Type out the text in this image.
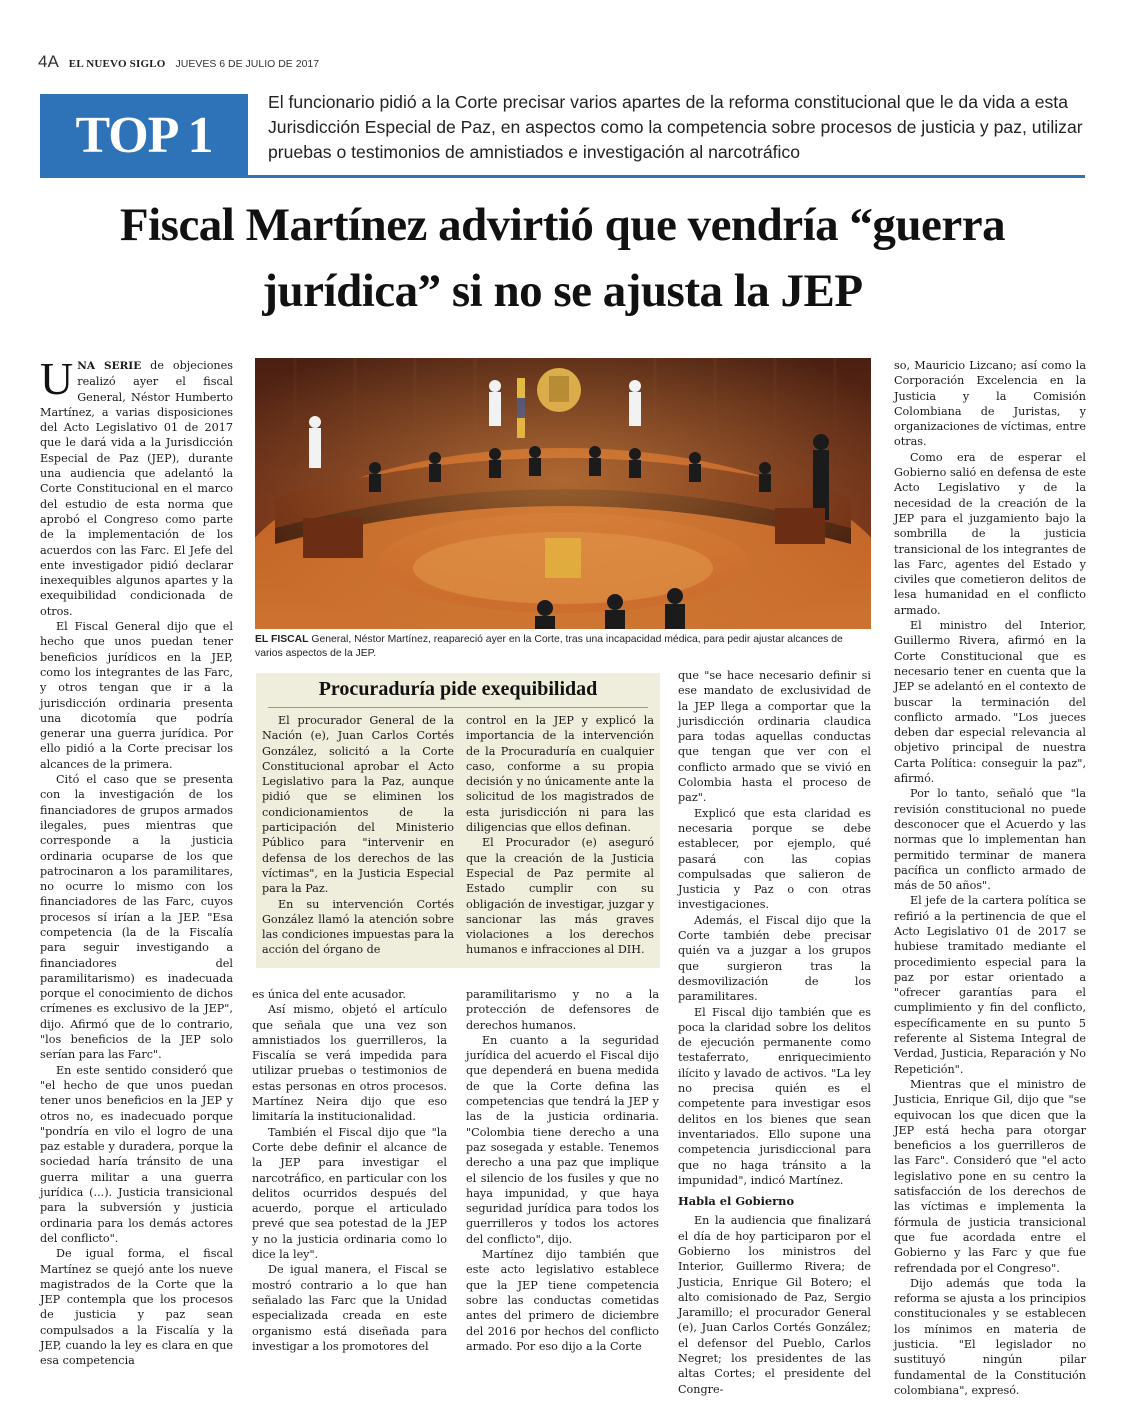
4A EL NUEVO SIGLO JUEVES 6 DE JULIO DE 2017
TOP 1
El funcionario pidió a la Corte precisar varios apartes de la reforma constitucional que le da vida a esta Jurisdicción Especial de Paz, en aspectos como la competencia sobre procesos de justicia y paz, utilizar pruebas o testimonios de amnistiados e investigación al narcotráfico
Fiscal Martínez advirtió que vendría “guerra jurídica” si no se ajusta la JEP

UNA SERIE de objeciones realizó ayer el fiscal General, Néstor Humberto Martínez, a varias disposiciones del Acto Legislativo 01 de 2017 que le dará vida a la Jurisdicción Especial de Paz (JEP), durante una audiencia que adelantó la Corte Constitucional en el marco del estudio de esta norma que aprobó el Congreso como parte de la implementación de los acuerdos con las Farc. El Jefe del ente investigador pidió declarar inexequibles algunos apartes y la exequibilidad condicionada de otros.

El Fiscal General dijo que el hecho que unos puedan tener beneficios jurídicos en la JEP, como los integrantes de las Farc, y otros tengan que ir a la jurisdicción ordinaria presenta una dicotomía que podría generar una guerra jurídica. Por ello pidió a la Corte precisar los alcances de la primera.

Citó el caso que se presenta con la investigación de los financiadores de grupos armados ilegales, pues mientras que corresponde a la justicia ordinaria ocuparse de los que patrocinaron a los paramilitares, no ocurre lo mismo con los financiadores de las Farc, cuyos procesos sí irían a la JEP. "Esa competencia (la de la Fiscalía para seguir investigando a financiadores del paramilitarismo) es inadecuada porque el conocimiento de dichos crímenes es exclusivo de la JEP", dijo. Afirmó que de lo contrario, "los beneficios de la JEP solo serían para las Farc".

En este sentido consideró que "el hecho de que unos puedan tener unos beneficios en la JEP y otros no, es inadecuado porque "pondría en vilo el logro de una paz estable y duradera, porque la sociedad haría tránsito de una guerra militar a una guerra jurídica (...). Justicia transicional para la subversión y justicia ordinaria para los demás actores del conflicto".

De igual forma, el fiscal Martínez se quejó ante los nueve magistrados de la Corte que la JEP contempla que los procesos de justicia y paz sean compulsados a la Fiscalía y la JEP, cuando la ley es clara en que esa competencia

EL FISCAL General, Néstor Martínez, reapareció ayer en la Corte, tras una incapacidad médica, para pedir ajustar alcances de varios aspectos de la JEP.
Procuraduría pide exequibilidad

El procurador General de la Nación (e), Juan Carlos Cortés González, solicitó a la Corte Constitucional aprobar el Acto Legislativo para la Paz, aunque pidió que se eliminen los condicionamientos de la participación del Ministerio Público para "intervenir en defensa de los derechos de las víctimas", en la Justicia Especial para la Paz.

En su intervención Cortés González llamó la atención sobre las condiciones impuestas para la acción del órgano de

control en la JEP y explicó la importancia de la intervención de la Procuraduría en cualquier caso, conforme a su propia decisión y no únicamente ante la solicitud de los magistrados de esta jurisdicción ni para las diligencias que ellos definan.

El Procurador (e) aseguró que la creación de la Justicia Especial de Paz permite al Estado cumplir con su obligación de investigar, juzgar y sancionar las más graves violaciones a los derechos humanos e infracciones al DIH.

es única del ente acusador.

Así mismo, objetó el artículo que señala que una vez son amnistiados los guerrilleros, la Fiscalía se verá impedida para utilizar pruebas o testimonios de estas personas en otros procesos. Martínez Neira dijo que eso limitaría la institucionalidad.

También el Fiscal dijo que "la Corte debe definir el alcance de la JEP para investigar el narcotráfico, en particular con los delitos ocurridos después del acuerdo, porque el articulado prevé que sea potestad de la JEP y no la justicia ordinaria como lo dice la ley".

De igual manera, el Fiscal se mostró contrario a lo que han señalado las Farc que la Unidad especializada creada en este organismo está diseñada para investigar a los promotores del

paramilitarismo y no a la protección de defensores de derechos humanos.

En cuanto a la seguridad jurídica del acuerdo el Fiscal dijo que dependerá en buena medida de que la Corte defina las competencias que tendrá la JEP y las de la justicia ordinaria. "Colombia tiene derecho a una paz sosegada y estable. Tenemos derecho a una paz que implique el silencio de los fusiles y que no haya impunidad, y que haya seguridad jurídica para todos los guerrilleros y todos los actores del conflicto", dijo.

Martínez dijo también que este acto legislativo establece que la JEP tiene competencia sobre las conductas cometidas antes del primero de diciembre del 2016 por hechos del conflicto armado. Por eso dijo a la Corte

que "se hace necesario definir si ese mandato de exclusividad de la JEP llega a comportar que la jurisdicción ordinaria claudica para todas aquellas conductas que tengan que ver con el conflicto armado que se vivió en Colombia hasta el proceso de paz".

Explicó que esta claridad es necesaria porque se debe establecer, por ejemplo, qué pasará con las copias compulsadas que salieron de Justicia y Paz o con otras investigaciones.

Además, el Fiscal dijo que la Corte también debe precisar quién va a juzgar a los grupos que surgieron tras la desmovilización de los paramilitares.

El Fiscal dijo también que es poca la claridad sobre los delitos de ejecución permanente como testaferrato, enriquecimiento ilícito y lavado de activos. "La ley no precisa quién es el competente para investigar esos delitos en los bienes que sean inventariados. Ello supone una competencia jurisdiccional para que no haga tránsito a la impunidad", indicó Martínez.

Habla el Gobierno

En la audiencia que finalizará el día de hoy participaron por el Gobierno los ministros del Interior, Guillermo Rivera; de Justicia, Enrique Gil Botero; el alto comisionado de Paz, Sergio Jaramillo; el procurador General (e), Juan Carlos Cortés González; el defensor del Pueblo, Carlos Negret; los presidentes de las altas Cortes; el presidente del Congre-

so, Mauricio Lizcano; así como la Corporación Excelencia en la Justicia y la Comisión Colombiana de Juristas, y organizaciones de víctimas, entre otras.

Como era de esperar el Gobierno salió en defensa de este Acto Legislativo y de la necesidad de la creación de la JEP para el juzgamiento bajo la sombrilla de la justicia transicional de los integrantes de las Farc, agentes del Estado y civiles que cometieron delitos de lesa humanidad en el conflicto armado.

El ministro del Interior, Guillermo Rivera, afirmó en la Corte Constitucional que es necesario tener en cuenta que la JEP se adelantó en el contexto de buscar la terminación del conflicto armado. "Los jueces deben dar especial relevancia al objetivo principal de nuestra Carta Política: conseguir la paz", afirmó.

Por lo tanto, señaló que "la revisión constitucional no puede desconocer que el Acuerdo y las normas que lo implementan han permitido terminar de manera pacífica un conflicto armado de más de 50 años".

El jefe de la cartera política se refirió a la pertinencia de que el Acto Legislativo 01 de 2017 se hubiese tramitado mediante el procedimiento especial para la paz por estar orientado a "ofrecer garantías para el cumplimiento y fin del conflicto, específicamente en su punto 5 referente al Sistema Integral de Verdad, Justicia, Reparación y No Repetición".

Mientras que el ministro de Justicia, Enrique Gil, dijo que "se equivocan los que dicen que la JEP está hecha para otorgar beneficios a los guerrilleros de las Farc". Consideró que "el acto legislativo pone en su centro la satisfacción de los derechos de las víctimas e implementa la fórmula de justicia transicional que fue acordada entre el Gobierno y las Farc y que fue refrendada por el Congreso".

Dijo además que toda la reforma se ajusta a los principios constitucionales y se establecen los mínimos en materia de justicia. "El legislador no sustituyó ningún pilar fundamental de la Constitución colombiana", expresó.
